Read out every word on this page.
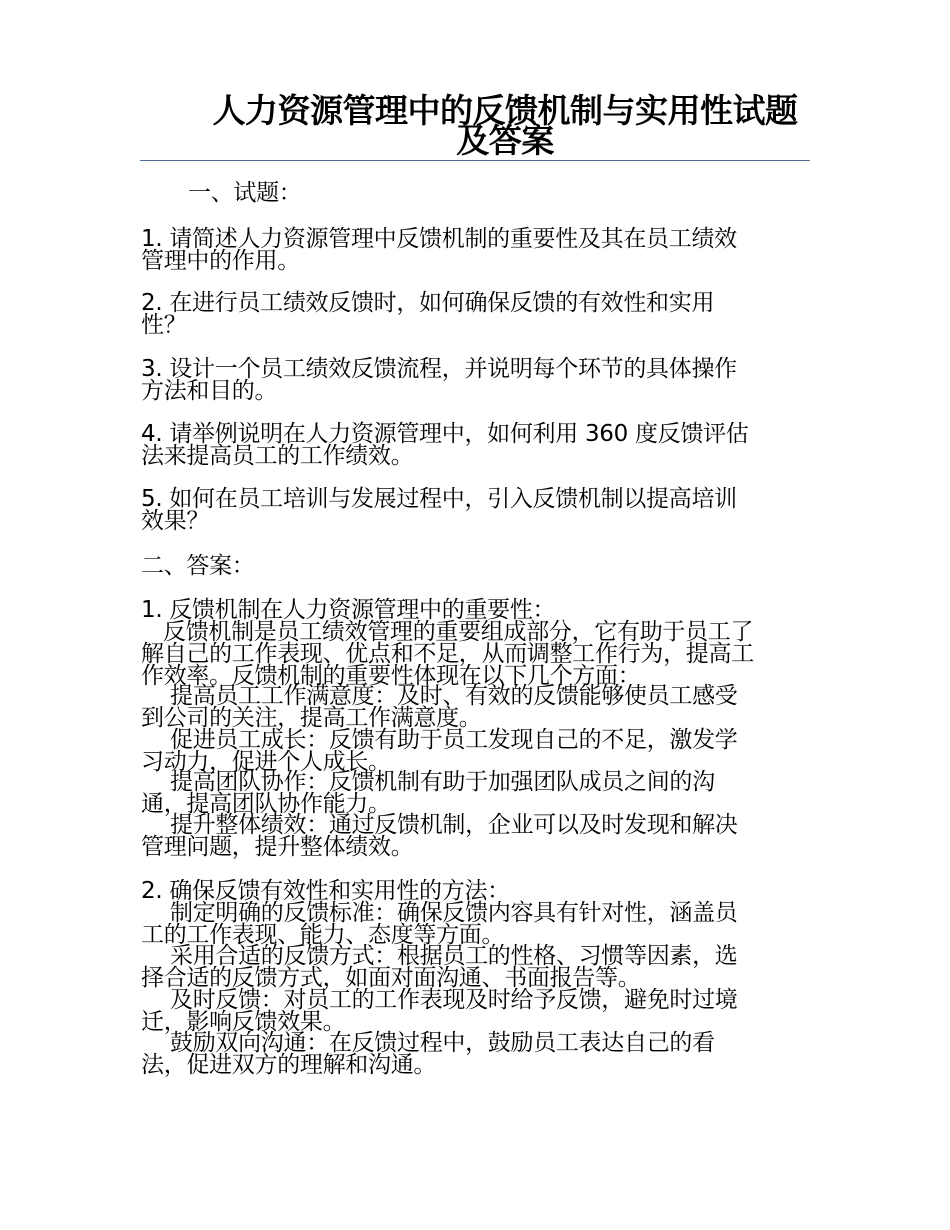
人力资源管理中的反馈机制与实用性试题
及答案
一、试题：
1. 请简述人力资源管理中反馈机制的重要性及其在员工绩效
管理中的作用。
2. 在进行员工绩效反馈时，如何确保反馈的有效性和实用
性？
3. 设计一个员工绩效反馈流程，并说明每个环节的具体操作
方法和目的。
4. 请举例说明在人力资源管理中，如何利用 360 度反馈评估
法来提高员工的工作绩效。
5. 如何在员工培训与发展过程中，引入反馈机制以提高培训
效果？
二、答案：
1. 反馈机制在人力资源管理中的重要性：
反馈机制是员工绩效管理的重要组成部分，它有助于员工了
解自己的工作表现、优点和不足，从而调整工作行为，提高工
作效率。反馈机制的重要性体现在以下几个方面：
提高员工工作满意度：及时、有效的反馈能够使员工感受
到公司的关注，提高工作满意度。
促进员工成长：反馈有助于员工发现自己的不足，激发学
习动力，促进个人成长。
提高团队协作：反馈机制有助于加强团队成员之间的沟
通，提高团队协作能力。
提升整体绩效：通过反馈机制，企业可以及时发现和解决
管理问题，提升整体绩效。
2. 确保反馈有效性和实用性的方法：
制定明确的反馈标准：确保反馈内容具有针对性，涵盖员
工的工作表现、能力、态度等方面。
采用合适的反馈方式：根据员工的性格、习惯等因素，选
择合适的反馈方式，如面对面沟通、书面报告等。
及时反馈：对员工的工作表现及时给予反馈，避免时过境
迁，影响反馈效果。
鼓励双向沟通：在反馈过程中，鼓励员工表达自己的看
法，促进双方的理解和沟通。
